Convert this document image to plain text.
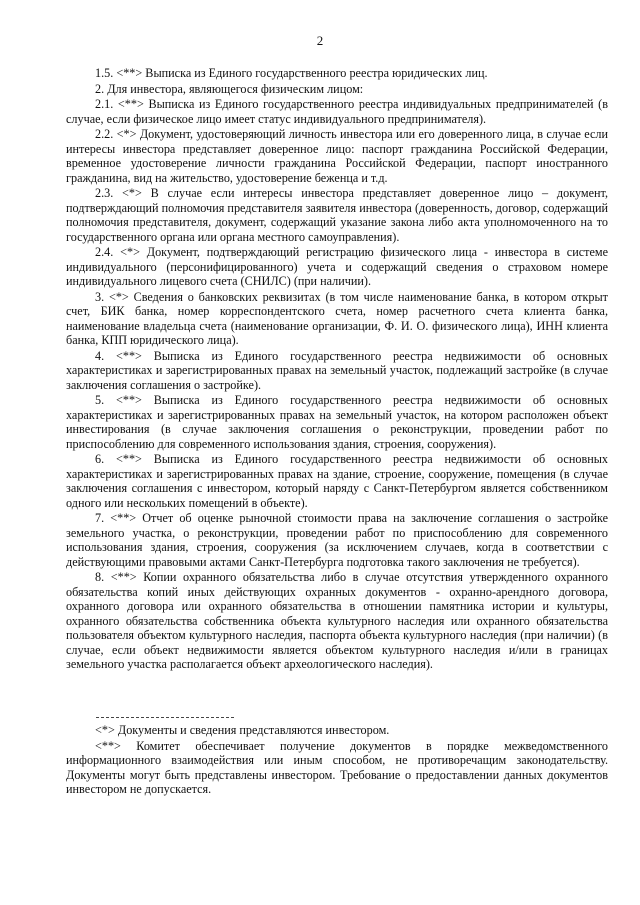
2

1.5. <**> Выписка из Единого государственного реестра юридических лиц.

2. Для инвестора, являющегося физическим лицом:

2.1. <**> Выписка из Единого государственного реестра индивидуальных предпринимателей (в случае, если физическое лицо имеет статус индивидуального предпринимателя).

2.2. <*> Документ, удостоверяющий личность инвестора или его доверенного лица, в случае если интересы инвестора представляет доверенное лицо: паспорт гражданина Российской Федерации, временное удостоверение личности гражданина Российской Федерации, паспорт иностранного гражданина, вид на жительство, удостоверение беженца и т.д.

2.3. <*> В случае если интересы инвестора представляет доверенное лицо – документ, подтверждающий полномочия представителя заявителя инвестора (доверенность, договор, содержащий полномочия представителя, документ, содержащий указание закона либо акта уполномоченного на то государственного органа или органа местного самоуправления).

2.4. <*> Документ, подтверждающий регистрацию физического лица - инвестора в системе индивидуального (персонифицированного) учета и содержащий сведения о страховом номере индивидуального лицевого счета (СНИЛС) (при наличии).

3. <*> Сведения о банковских реквизитах (в том числе наименование банка, в котором открыт счет, БИК банка, номер корреспондентского счета, номер расчетного счета клиента банка, наименование владельца счета (наименование организации, Ф. И. О. физического лица), ИНН клиента банка, КПП юридического лица).

4. <**> Выписка из Единого государственного реестра недвижимости об основных характеристиках и зарегистрированных правах на земельный участок, подлежащий застройке (в случае заключения соглашения о застройке).

5. <**> Выписка из Единого государственного реестра недвижимости об основных характеристиках и зарегистрированных правах на земельный участок, на котором расположен объект инвестирования (в случае заключения соглашения о реконструкции, проведении работ по приспособлению для современного использования здания, строения, сооружения).

6. <**> Выписка из Единого государственного реестра недвижимости об основных характеристиках и зарегистрированных правах на здание, строение, сооружение, помещения (в случае заключения соглашения с инвестором, который наряду с Санкт-Петербургом является собственником одного или нескольких помещений в объекте).

7. <**> Отчет об оценке рыночной стоимости права на заключение соглашения о застройке земельного участка, о реконструкции, проведении работ по приспособлению для современного использования здания, строения, сооружения (за исключением случаев, когда в соответствии с действующими правовыми актами Санкт-Петербурга подготовка такого заключения не требуется).

8. <**> Копии охранного обязательства либо в случае отсутствия утвержденного охранного обязательства копий иных действующих охранных документов - охранно-арендного договора, охранного договора или охранного обязательства в отношении памятника истории и культуры, охранного обязательства собственника объекта культурного наследия или охранного обязательства пользователя объектом культурного наследия, паспорта объекта культурного наследия (при наличии) (в случае, если объект недвижимости является объектом культурного наследия и/или в границах земельного участка располагается объект археологического наследия).

<*> Документы и сведения представляются инвестором.

<**> Комитет обеспечивает получение документов в порядке межведомственного информационного взаимодействия или иным способом, не противоречащим законодательству. Документы могут быть представлены инвестором. Требование о предоставлении данных документов инвестором не допускается.
